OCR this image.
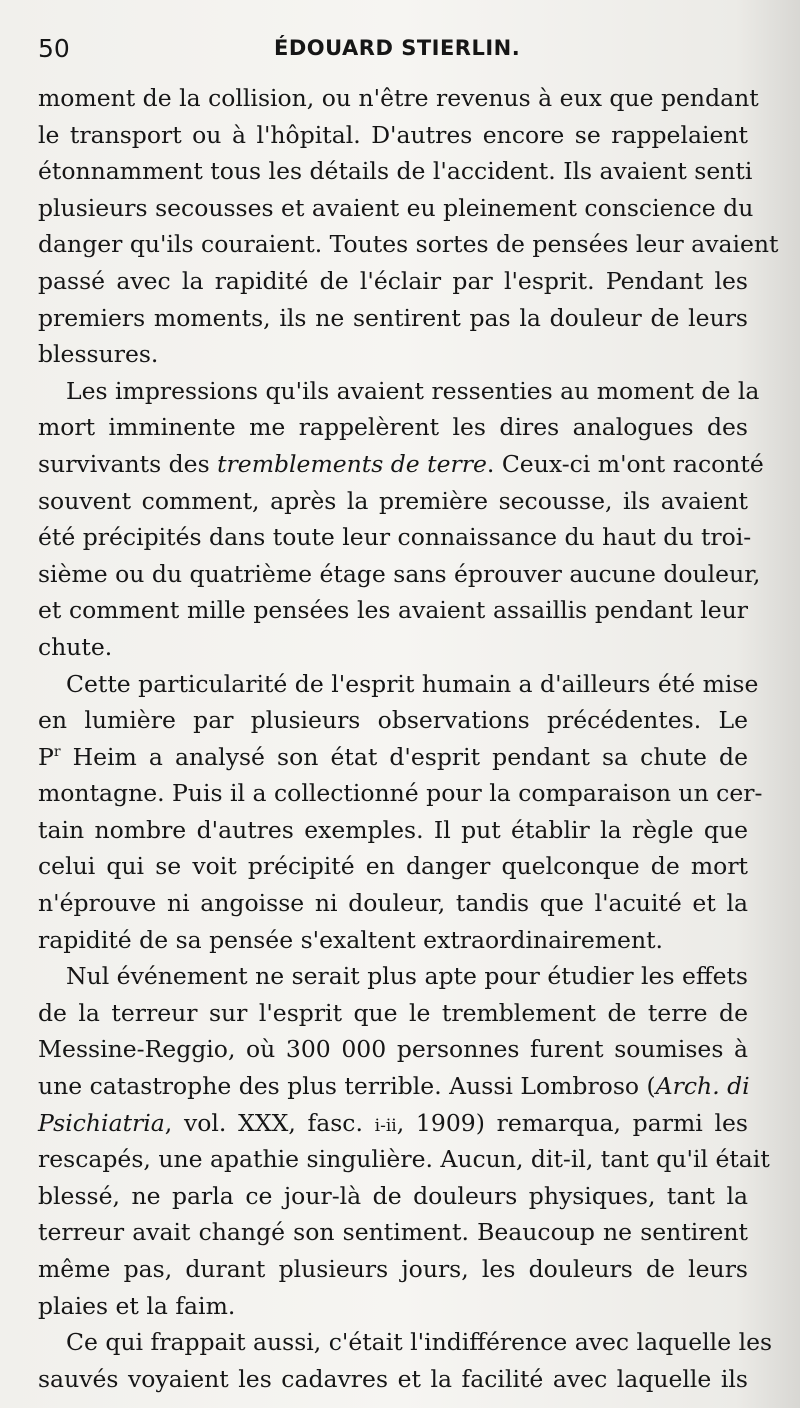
50	ÉDOUARD STIERLIN.
moment de la collision, ou n'être revenus à eux que pendant
le transport ou à l'hôpital. D'autres encore se rappelaient
étonnamment tous les détails de l'accident. Ils avaient senti
plusieurs secousses et avaient eu pleinement conscience du
danger qu'ils couraient. Toutes sortes de pensées leur avaient
passé avec la rapidité de l'éclair par l'esprit. Pendant les
premiers moments, ils ne sentirent pas la douleur de leurs
blessures.
Les impressions qu'ils avaient ressenties au moment de la
mort imminente me rappelèrent les dires analogues des
survivants des tremblements de terre. Ceux-ci m'ont raconté
souvent comment, après la première secousse, ils avaient
été précipités dans toute leur connaissance du haut du troi-
sième ou du quatrième étage sans éprouver aucune douleur,
et comment mille pensées les avaient assaillis pendant leur
chute.
Cette particularité de l'esprit humain a d'ailleurs été mise
en lumière par plusieurs observations précédentes. Le
$P^r$ Heim a analysé son état d'esprit pendant sa chute de
montagne. Puis il a collectionné pour la comparaison un cer-
tain nombre d'autres exemples. Il put établir la règle que
celui qui se voit précipité en danger quelconque de mort
n'éprouve ni angoisse ni douleur, tandis que l'acuité et la
rapidité de sa pensée s'exaltent extraordinairement.
Nul événement ne serait plus apte pour étudier les effets
de la terreur sur l'esprit que le tremblement de terre de
Messine-Reggio, où 300 000 personnes furent soumises à
une catastrophe des plus terrible. Aussi Lombroso (Arch. di
Psichiatria, vol. XXX, fasc. i-ii, 1909) remarqua, parmi les
rescapés, une apathie singulière. Aucun, dit-il, tant qu'il était
blessé, ne parla ce jour-là de douleurs physiques, tant la
terreur avait changé son sentiment. Beaucoup ne sentirent
même pas, durant plusieurs jours, les douleurs de leurs
plaies et la faim.
Ce qui frappait aussi, c'était l'indifférence avec laquelle les
sauvés voyaient les cadavres et la facilité avec laquelle ils
